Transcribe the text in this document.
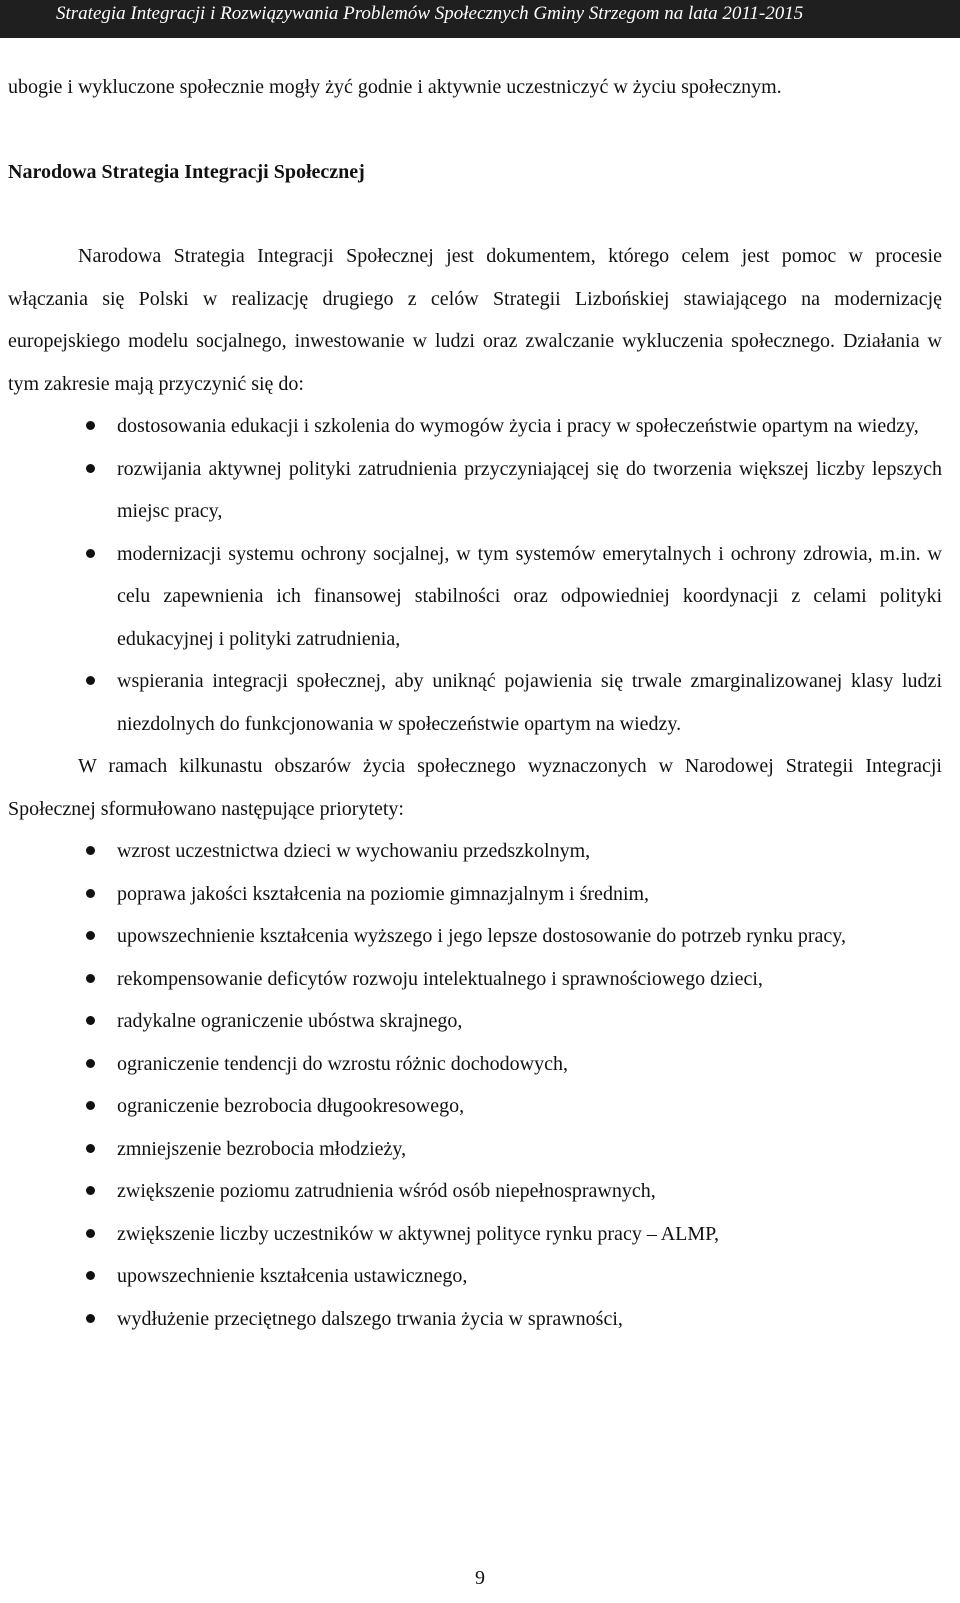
Strategia Integracji i Rozwiązywania Problemów Społecznych Gminy Strzegom na lata 2011-2015

ubogie i wykluczone społecznie mogły żyć godnie i aktywnie uczestniczyć w życiu społecznym.

Narodowa Strategia Integracji Społecznej

Narodowa Strategia Integracji Społecznej jest dokumentem, którego celem jest pomoc w procesie włączania się Polski w realizację drugiego z celów Strategii Lizbońskiej stawiającego na modernizację europejskiego modelu socjalnego, inwestowanie w ludzi oraz zwalczanie wykluczenia społecznego. Działania w tym zakresie mają przyczynić się do:

dostosowania edukacji i szkolenia do wymogów życia i pracy w społeczeństwie opartym na wiedzy,
rozwijania aktywnej polityki zatrudnienia przyczyniającej się do tworzenia większej liczby lepszych miejsc pracy,
modernizacji systemu ochrony socjalnej, w tym systemów emerytalnych i ochrony zdrowia, m.in. w celu zapewnienia ich finansowej stabilności oraz odpowiedniej koordynacji z celami polityki edukacyjnej i polityki zatrudnienia,
wspierania integracji społecznej, aby uniknąć pojawienia się trwale zmarginalizowanej klasy ludzi niezdolnych do funkcjonowania w społeczeństwie opartym na wiedzy.

W ramach kilkunastu obszarów życia społecznego wyznaczonych w Narodowej Strategii Integracji Społecznej sformułowano następujące priorytety:

wzrost uczestnictwa dzieci w wychowaniu przedszkolnym,
poprawa jakości kształcenia na poziomie gimnazjalnym i średnim,
upowszechnienie kształcenia wyższego i jego lepsze dostosowanie do potrzeb rynku pracy,
rekompensowanie deficytów rozwoju intelektualnego i sprawnościowego dzieci,
radykalne ograniczenie ubóstwa skrajnego,
ograniczenie tendencji do wzrostu różnic dochodowych,
ograniczenie bezrobocia długookresowego,
zmniejszenie bezrobocia młodzieży,
zwiększenie poziomu zatrudnienia wśród osób niepełnosprawnych,
zwiększenie liczby uczestników w aktywnej polityce rynku pracy – ALMP,
upowszechnienie kształcenia ustawicznego,
wydłużenie przeciętnego dalszego trwania życia w sprawności,
9
